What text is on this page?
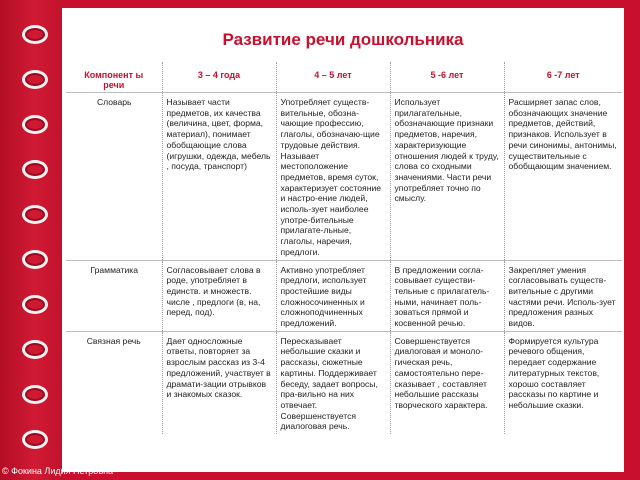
Развитие речи дошкольника
Компонент ы речи	3 – 4 года	4 – 5 лет	5 -6 лет	6 -7 лет
Словарь	Называет части предметов, их качества (величина, цвет, форма, материал), понимает обобщающие слова (игрушки, одежда, мебель , посуда, транспорт)	Употребляет существ-вительные, обозна-чающие профессию, глаголы, обозначаю-щие трудовые действия. Называет местоположение предметов, время суток, характеризует состояние и настро-ение людей, исполь-зует наиболее употре-бительные прилагате-льные, глаголы, наречия, предлоги.	Использует прилагательные, обозначающие признаки предметов, наречия, характеризующие отношения людей к труду, слова со сходными значениями. Части речи употребляет точно по смыслу.	Расширяет запас слов, обозначающих значение предметов, действий, признаков. Использует в речи синонимы, антонимы, существительные с обобщающим значением.
Грамматика	Согласовывает слова в роде, употребляет в единств. и множеств. числе , предлоги (в, на, перед, под).	Активно употребляет предлоги, использует простейшие виды сложносочиненных и сложноподчиненных предложений.	В предложении согла-совывает существи-тельные с прилагатель-ными, начинает поль-зоваться прямой и косвенной речью.	Закрепляет умения согласовывать существ-вительные с другими частями речи. Исполь-зует предложения разных видов.
Связная речь	Дает односложные ответы, повторяет за взрослым рассказ из 3-4 предложений, участвует в драмати-зации отрывков и знакомых сказок.	Пересказывает небольшие сказки и рассказы, сюжетные картины. Поддерживает беседу, задает вопросы, пра-вильно на них отвечает. Совершенствуется диалоговая речь.	Совершенствуется диалоговая и моноло-гическая речь, самостоятельно пере-сказывает , составляет небольшие рассказы творческого характера.	Формируется культура речевого общения, передает содержание литературных текстов, хорошо составляет рассказы по картине и небольшие сказки.
© Фокина Лидия Петровна
